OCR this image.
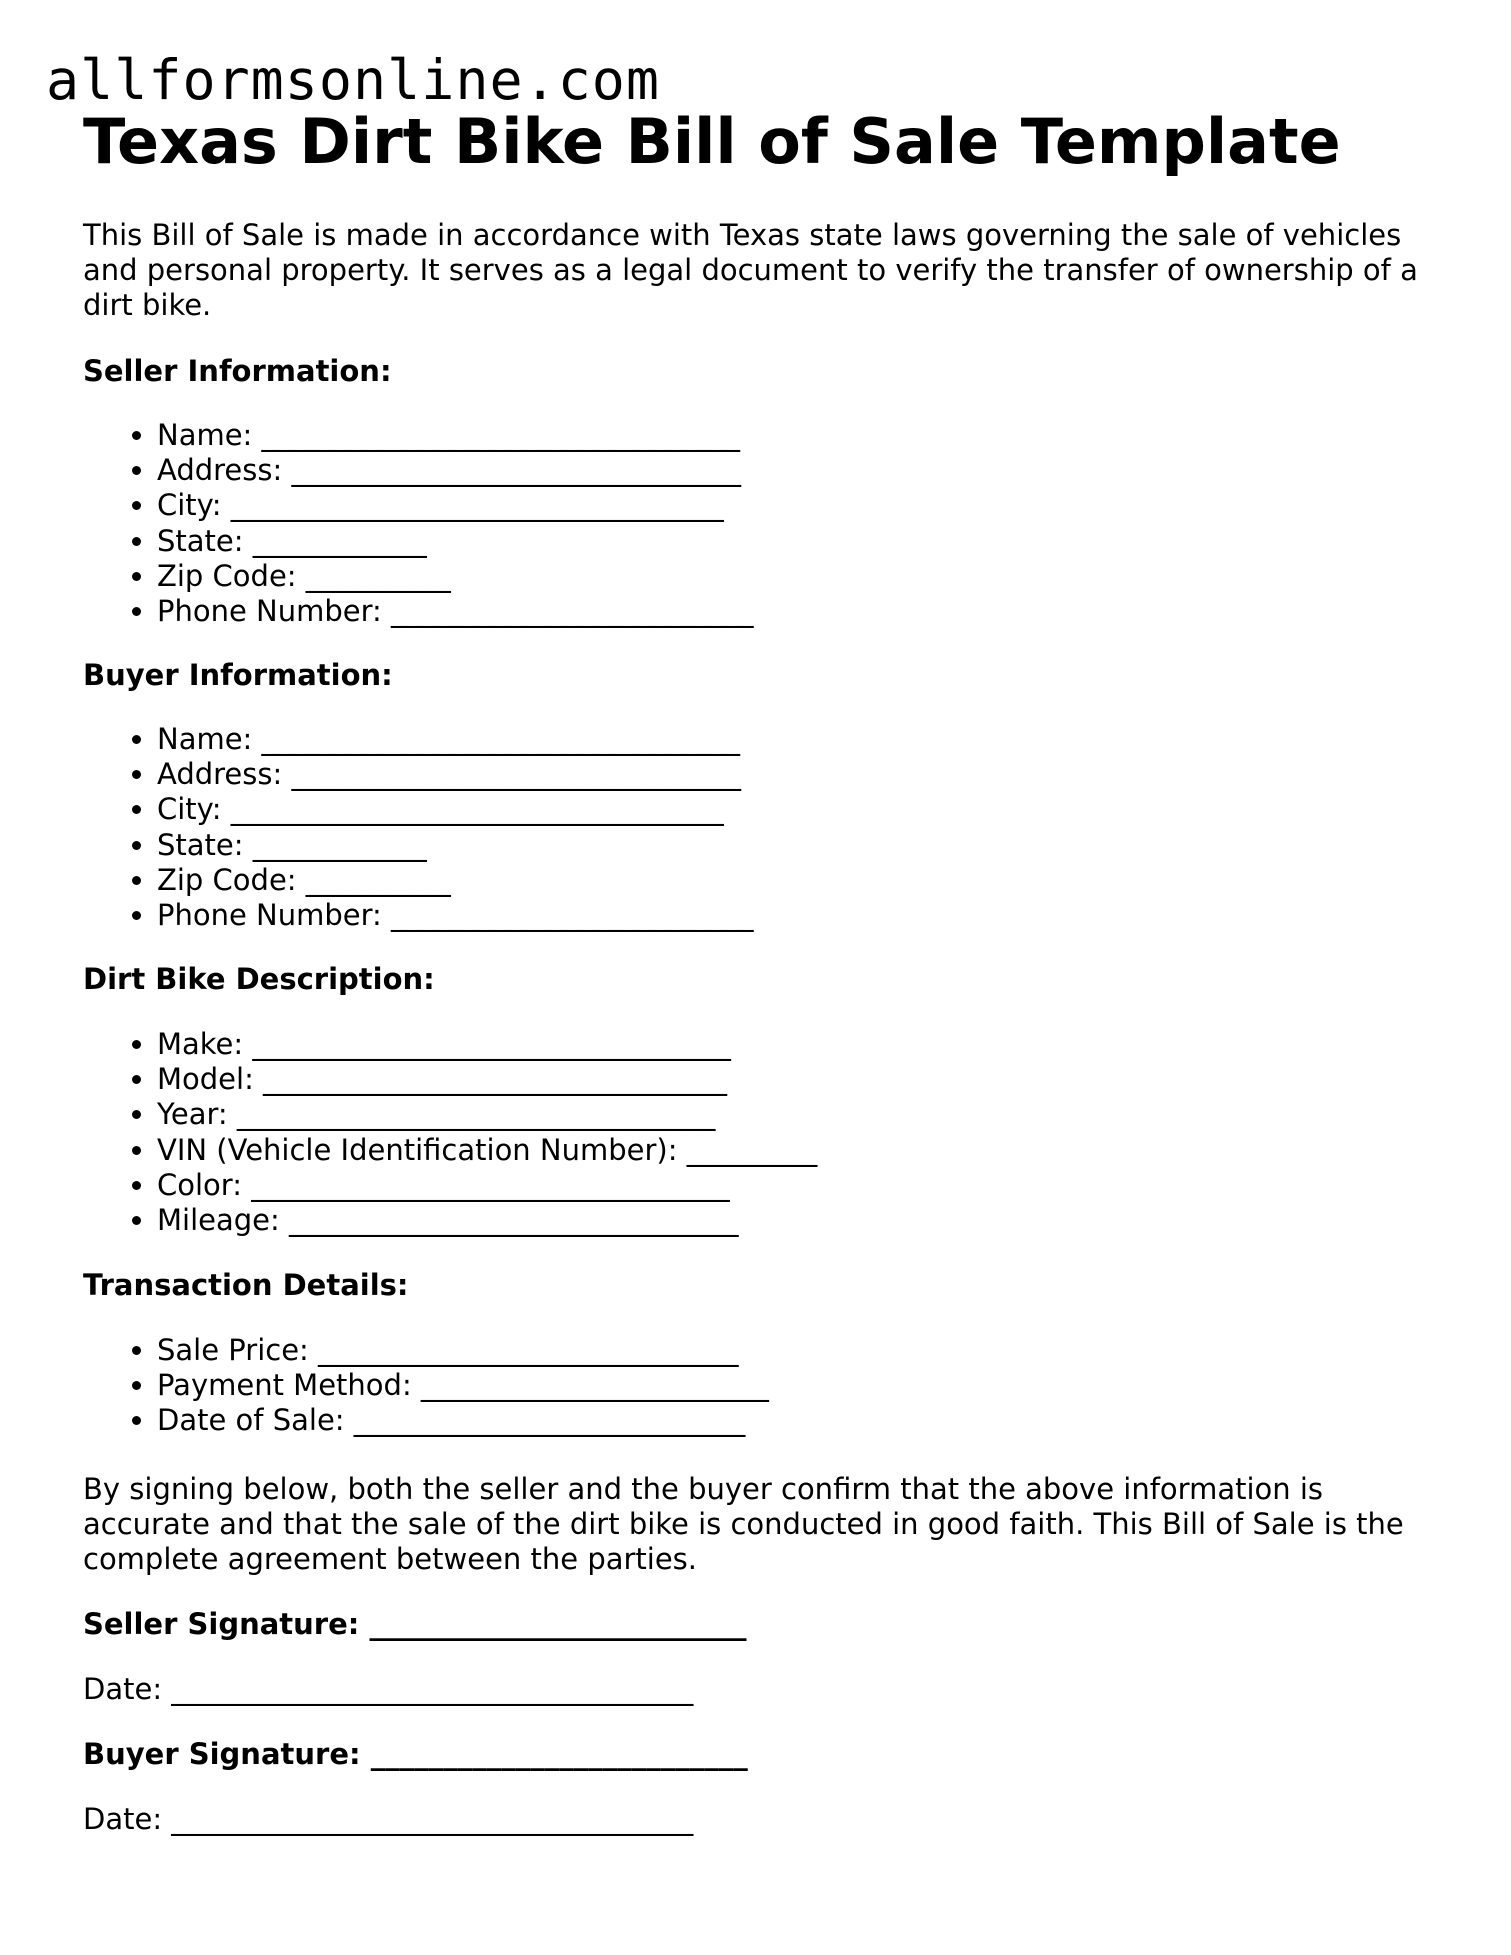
allformsonline.com
Texas Dirt Bike Bill of Sale Template

This Bill of Sale is made in accordance with Texas state laws governing the sale of vehicles and personal property. It serves as a legal document to verify the transfer of ownership of a dirt bike.

Seller Information:

• Name: _________________________________
• Address: _______________________________
• City: __________________________________
• State: ____________
• Zip Code: __________
• Phone Number: _________________________

Buyer Information:

• Name: _________________________________
• Address: _______________________________
• City: __________________________________
• State: ____________
• Zip Code: __________
• Phone Number: _________________________

Dirt Bike Description:

• Make: _________________________________
• Model: ________________________________
• Year: _________________________________
• VIN (Vehicle Identification Number): _________
• Color: _________________________________
• Mileage: _______________________________

Transaction Details:

• Sale Price: _____________________________
• Payment Method: ________________________
• Date of Sale: ___________________________

By signing below, both the seller and the buyer confirm that the above information is accurate and that the sale of the dirt bike is conducted in good faith. This Bill of Sale is the complete agreement between the parties.

Seller Signature: __________________________

Date: ____________________________________

Buyer Signature: __________________________

Date: ____________________________________
